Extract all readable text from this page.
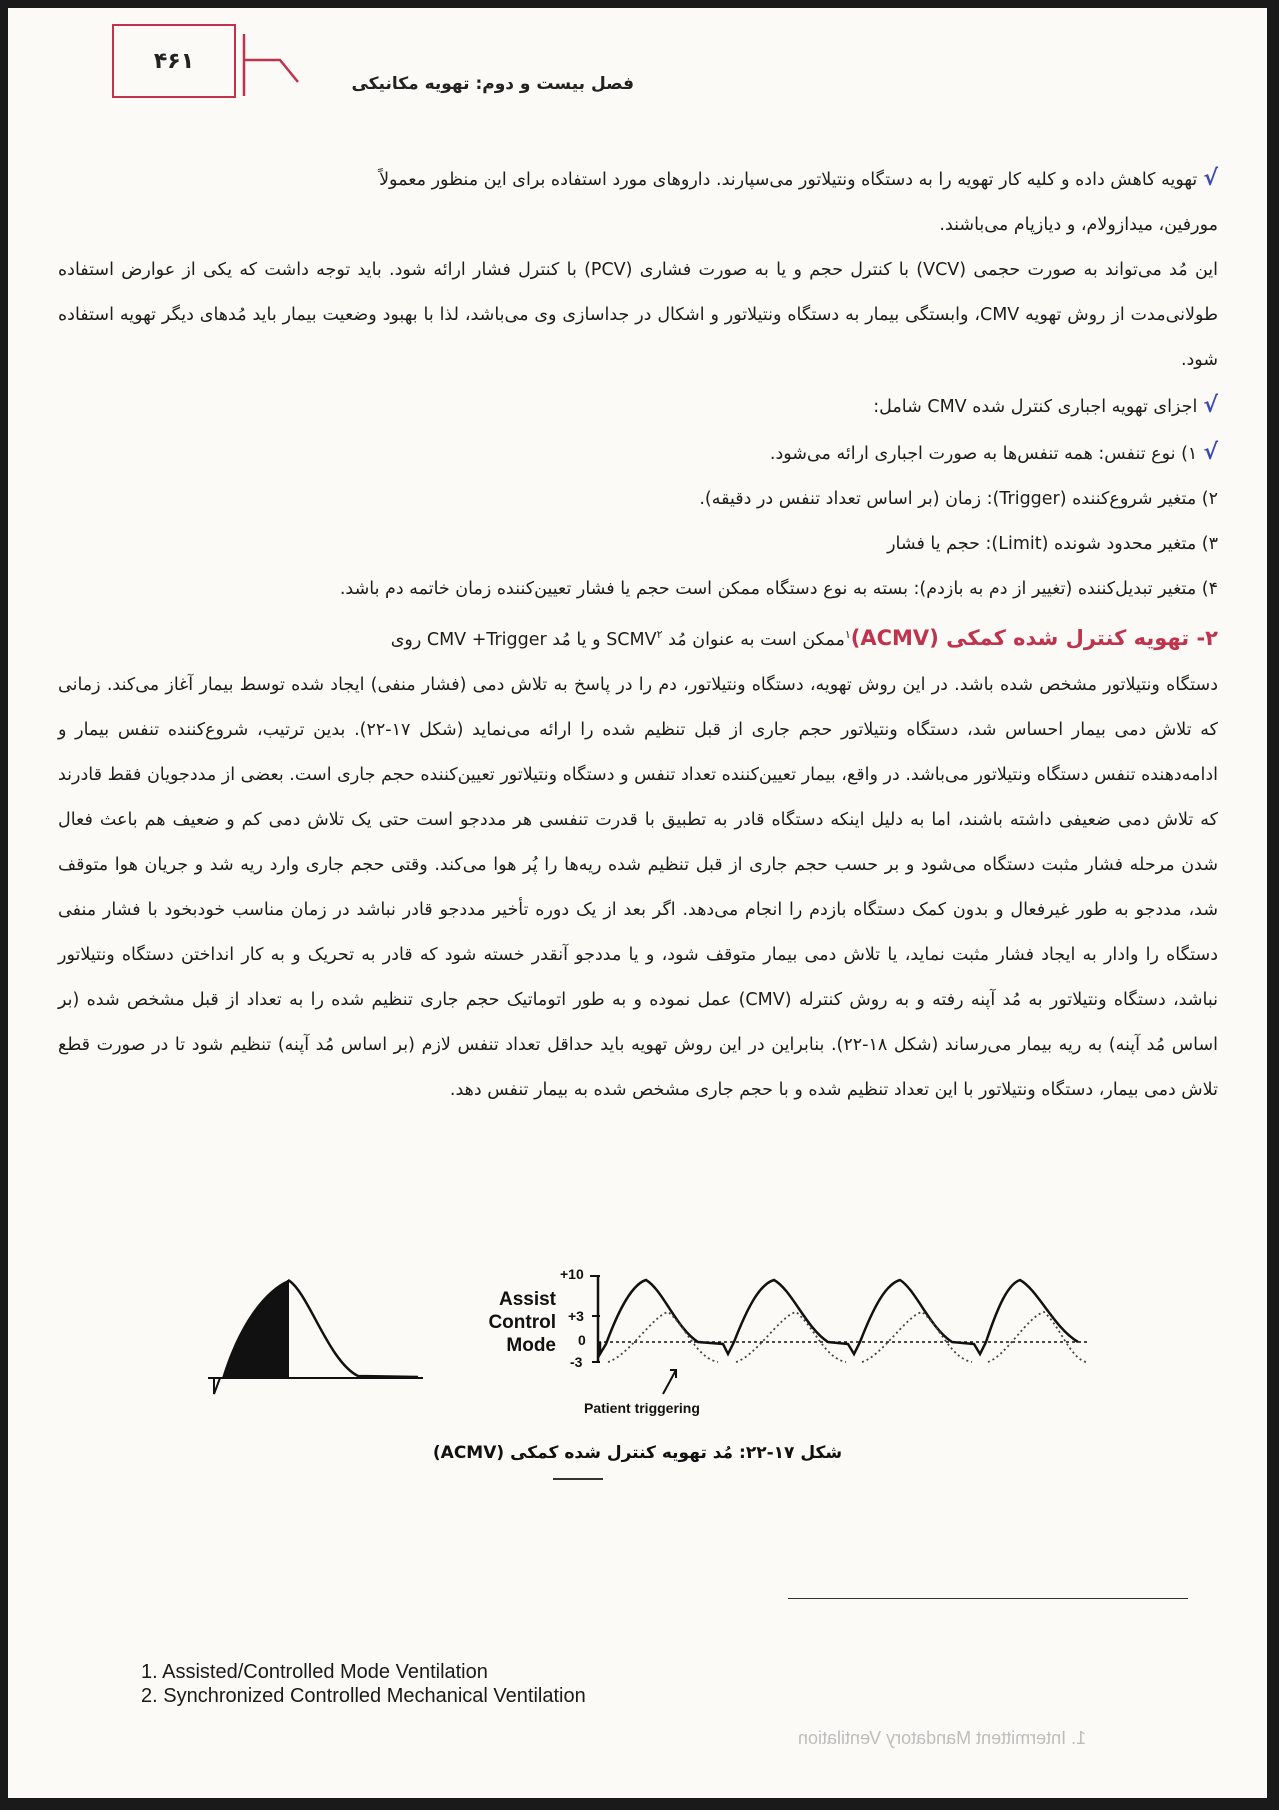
۴۶۱
فصل بیست و دوم: تهویه مکانیکی

√تهویه کاهش داده و کلیه کار تهویه را به دستگاه ونتیلاتور می‌سپارند. داروهای مورد استفاده برای این منظور معمولاً

مورفین، میدازولام، و دیازپام می‌باشند.

این مُد می‌تواند به صورت حجمی (VCV) با کنترل حجم و یا به صورت فشاری (PCV) با کنترل فشار ارائه شود. باید توجه داشت که یکی از عوارض استفاده طولانی‌مدت از روش تهویه CMV، وابستگی بیمار به دستگاه ونتیلاتور و اشکال در جداسازی وی می‌باشد، لذا با بهبود وضعیت بیمار باید مُدهای دیگر تهویه استفاده شود.

√اجزای تهویه اجباری کنترل شده CMV شامل:

√۱) نوع تنفس: همه تنفس‌ها به صورت اجباری ارائه می‌شود.

۲) متغیر شروع‌کننده (Trigger): زمان (بر اساس تعداد تنفس در دقیقه).

۳) متغیر محدود شونده (Limit): حجم یا فشار

۴) متغیر تبدیل‌کننده (تغییر از دم به بازدم): بسته به نوع دستگاه ممکن است حجم یا فشار تعیین‌کننده زمان خاتمه دم باشد.

۲- تهویه کنترل شده کمکی (ACMV)$^۱$ممکن است به عنوان مُد SCMV$^۲$ و یا مُد CMV +Trigger روی

دستگاه ونتیلاتور مشخص شده باشد. در این روش تهویه، دستگاه ونتیلاتور، دم را در پاسخ به تلاش دمی (فشار منفی) ایجاد شده توسط بیمار آغاز می‌کند. زمانی که تلاش دمی بیمار احساس شد، دستگاه ونتیلاتور حجم جاری از قبل تنظیم شده را ارائه می‌نماید (شکل ۱۷-۲۲). بدین ترتیب، شروع‌کننده تنفس بیمار و ادامه‌دهنده تنفس دستگاه ونتیلاتور می‌باشد. در واقع، بیمار تعیین‌کننده تعداد تنفس و دستگاه ونتیلاتور تعیین‌کننده حجم جاری است. بعضی از مددجویان فقط قادرند که تلاش دمی ضعیفی داشته باشند، اما به دلیل اینکه دستگاه قادر به تطبیق با قدرت تنفسی هر مددجو است حتی یک تلاش دمی کم و ضعیف هم باعث فعال شدن مرحله فشار مثبت دستگاه می‌شود و بر حسب حجم جاری از قبل تنظیم شده ریه‌ها را پُر هوا می‌کند. وقتی حجم جاری وارد ریه شد و جریان هوا متوقف شد، مددجو به طور غیرفعال و بدون کمک دستگاه بازدم را انجام می‌دهد. اگر بعد از یک دوره تأخیر مددجو قادر نباشد در زمان مناسب خودبخود با فشار منفی دستگاه را وادار به ایجاد فشار مثبت نماید، یا تلاش دمی بیمار متوقف شود، و یا مددجو آنقدر خسته شود که قادر به تحریک و به کار انداختن دستگاه ونتیلاتور نباشد، دستگاه ونتیلاتور به مُد آپنه رفته و به روش کنترله (CMV) عمل نموده و به طور اتوماتیک حجم جاری تنظیم شده را به تعداد از قبل مشخص شده (بر اساس مُد آپنه) به ریه بیمار می‌رساند (شکل ۱۸-۲۲). بنابراین در این روش تهویه باید حداقل تعداد تنفس لازم (بر اساس مُد آپنه) تنظیم شود تا در صورت قطع تلاش دمی بیمار، دستگاه ونتیلاتور با این تعداد تنظیم شده و با حجم جاری مشخص شده به بیمار تنفس دهد.

Assist
Control
Mode
+10
+3
0
-3
Patient triggering
شکل ۱۷-۲۲: مُد تهویه کنترل شده کمکی (ACMV)
1. Assisted/Controlled Mode Ventilation
2. Synchronized Controlled Mechanical Ventilation
1. Intermittent Mandatory Ventilation
